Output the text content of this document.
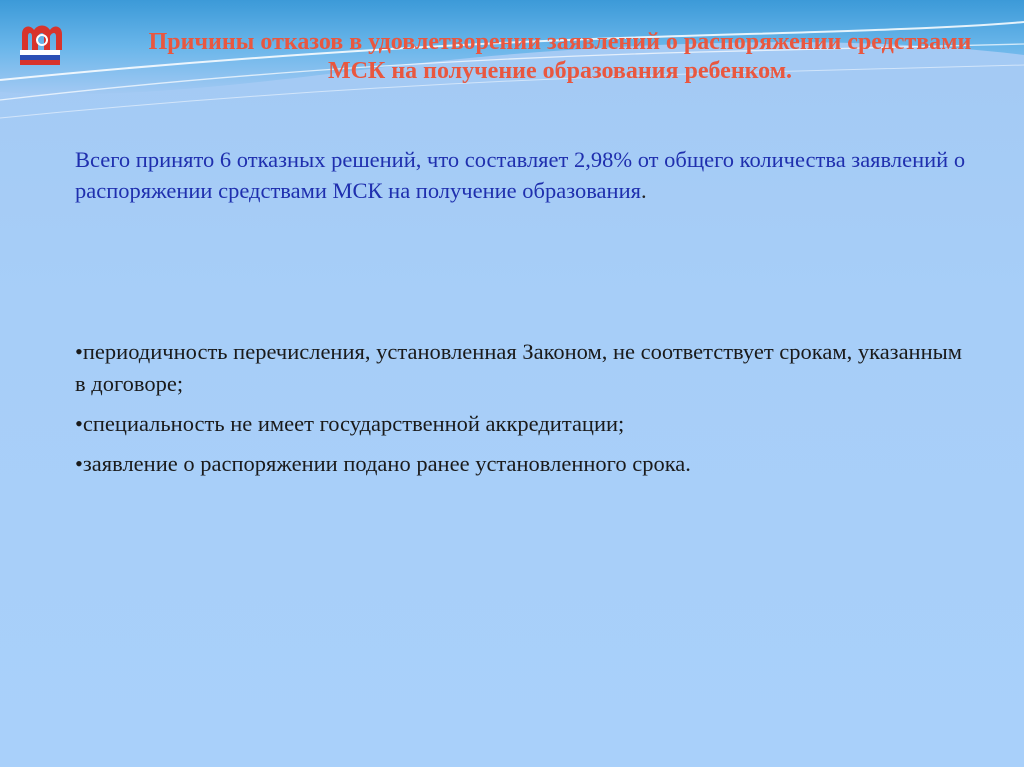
Причины отказов в удовлетворении заявлений о распоряжении средствами МСК на получение образования ребенком.

Всего принято 6 отказных решений, что составляет 2,98% от общего количества заявлений о распоряжении средствами МСК на получение образования.

• периодичность перечисления, установленная Законом, не соответствует срокам, указанным в договоре;
• специальность не имеет государственной аккредитации;
• заявление о распоряжении подано ранее установленного срока.
